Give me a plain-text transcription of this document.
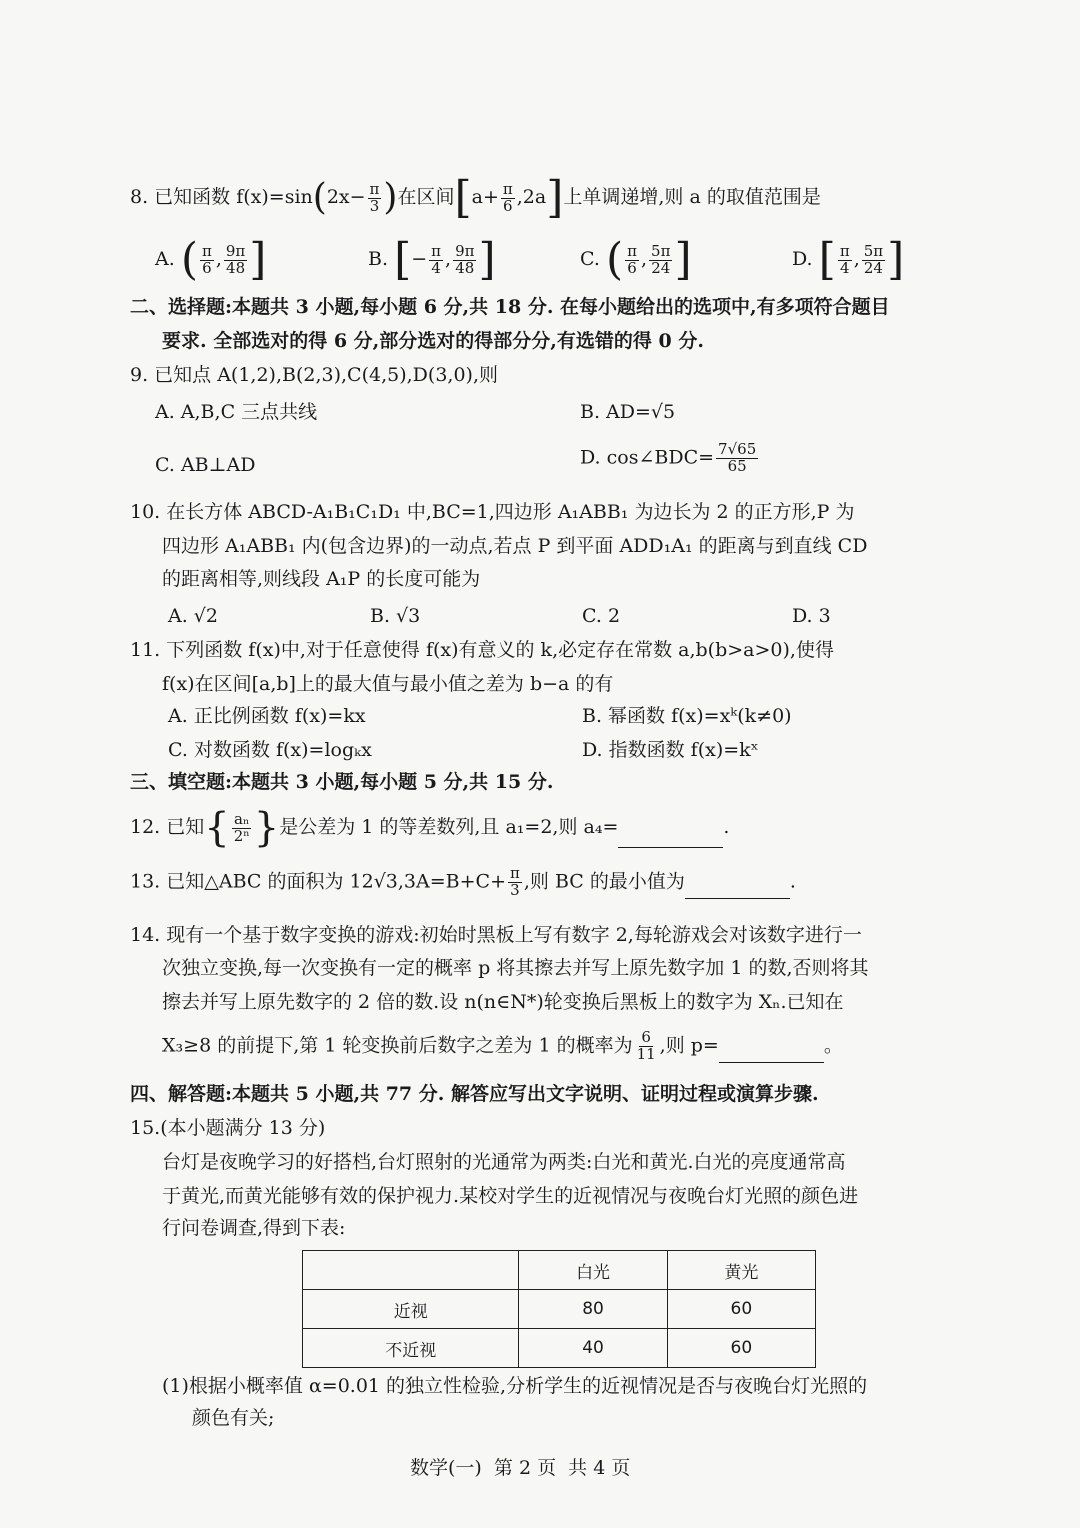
8. 已知函数 $f(x)=\sin(2x- \frac{\pi}{3}$ )在区间$[a+ \frac{\pi}{6} ,2a]$上单调递增,则 a 的取值范围是
A. ( $\frac{\pi}{6}$ , $\frac{9\pi}{48}$ ]	B. [− $\frac{\pi}{4}$ , $\frac{9\pi}{48}$ ]	C. ( $\frac{\pi}{6}$ , $\frac{5\pi}{24}$ ]	D. [ $\frac{\pi}{4}$ , $\frac{5\pi}{24}$ ]
二、选择题:本题共 3 小题,每小题 6 分,共 18 分. 在每小题给出的选项中,有多项符合题目
要求. 全部选对的得 6 分,部分选对的得部分分,有选错的得 0 分.
9. 已知点 A(1,2),B(2,3),C(4,5),D(3,0),则
A. A,B,C 三点共线	B. AD=√5
C. AB⊥AD	D. cos∠BDC= $\frac{7√65}{65}$
10. 在长方体 ABCD-A₁B₁C₁D₁ 中,BC=1,四边形 A₁ABB₁ 为边长为 2 的正方形,P 为
四边形 A₁ABB₁ 内(包含边界)的一动点,若点 P 到平面 ADD₁A₁ 的距离与到直线 CD
的距离相等,则线段 A₁P 的长度可能为
A. √2	B. √3	C. 2	D. 3
11. 下列函数 f(x)中,对于任意使得 f(x)有意义的 k,必定存在常数 a,b(b>a>0),使得
f(x)在区间[a,b]上的最大值与最小值之差为 b−a 的有
A. 正比例函数 f(x)=kx	B. 幂函数 f(x)=xᵏ(k≠0)
C. 对数函数 f(x)=logₖx	D. 指数函数 f(x)=kˣ
三、填空题:本题共 3 小题,每小题 5 分,共 15 分.
12. 已知{ $\frac{\text{aₙ}}{\text{2ⁿ}}$ }是公差为 1 的等差数列,且 a₁=2,则 a₄=	.
13. 已知△ABC 的面积为 $12√3,3A=B+C+ \frac{\pi}{3}$ ,则 BC 的最小值为	.
14. 现有一个基于数字变换的游戏:初始时黑板上写有数字 2,每轮游戏会对该数字进行一
次独立变换,每一次变换有一定的概率 p 将其擦去并写上原先数字加 1 的数,否则将其
擦去并写上原先数字的 2 倍的数.设 n(n∈N*)轮变换后黑板上的数字为 Xₙ.已知在
X₃≥8 的前提下,第 1 轮变换前后数字之差为 1 的概率为 $\frac{6}{11}$ ,则 p=	。
四、解答题:本题共 5 小题,共 77 分. 解答应写出文字说明、证明过程或演算步骤.
15.(本小题满分 13 分)
台灯是夜晚学习的好搭档,台灯照射的光通常为两类:白光和黄光.白光的亮度通常高
于黄光,而黄光能够有效的保护视力.某校对学生的近视情况与夜晚台灯光照的颜色进
行问卷调查,得到下表:
	白光	黄光
近视	80	60
不近视	40	60
(1)根据小概率值 α=0.01 的独立性检验,分析学生的近视情况是否与夜晚台灯光照的
颜色有关;
数学(一)  第 2 页  共 4 页
